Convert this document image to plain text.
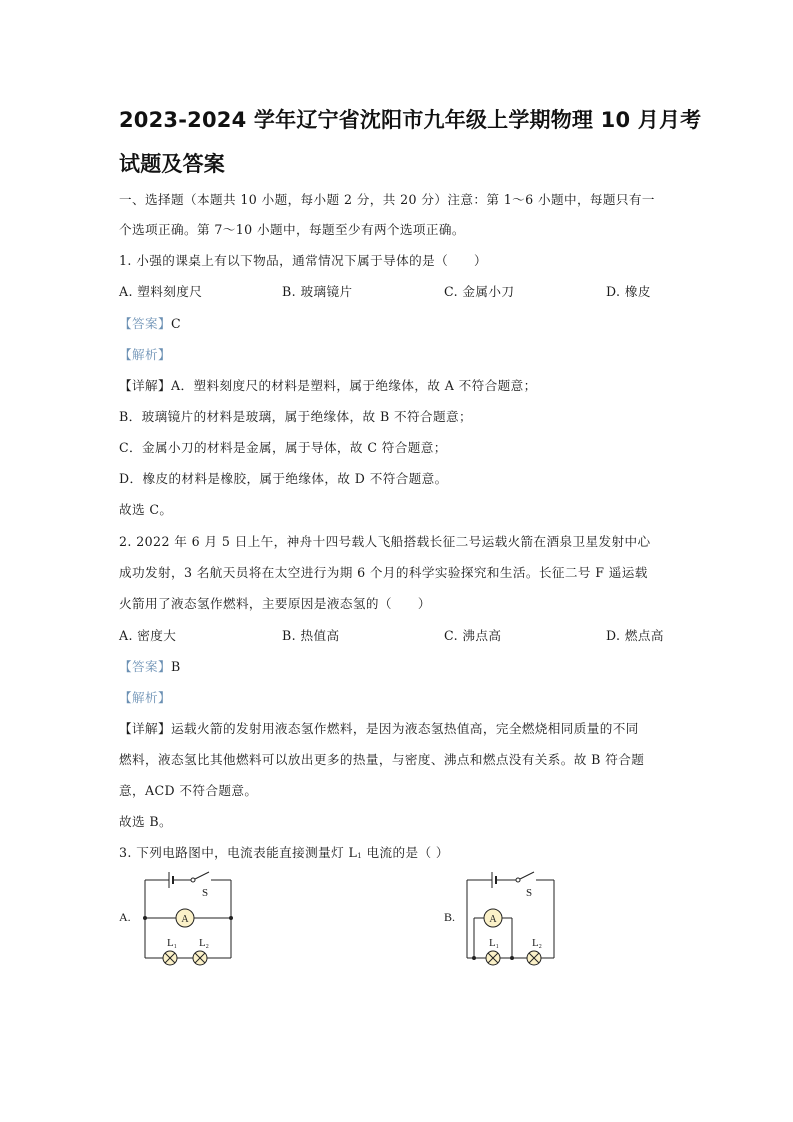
2023-2024 学年辽宁省沈阳市九年级上学期物理 10 月月考
试题及答案
一、选择题（本题共 10 小题，每小题 2 分，共 20 分）注意：第 1～6 小题中，每题只有一
个选项正确。第 7～10 小题中，每题至少有两个选项正确。
1. 小强的课桌上有以下物品，通常情况下属于导体的是（　　）
A. 塑料刻度尺	B. 玻璃镜片	C. 金属小刀	D. 橡皮
【答案】C
【解析】
【详解】A．塑料刻度尺的材料是塑料，属于绝缘体，故 A 不符合题意；
B．玻璃镜片的材料是玻璃，属于绝缘体，故 B 不符合题意；
C．金属小刀的材料是金属，属于导体，故 C 符合题意；
D．橡皮的材料是橡胶，属于绝缘体，故 D 不符合题意。
故选 C。
2. 2022 年 6 月 5 日上午，神舟十四号载人飞船搭载长征二号运载火箭在酒泉卫星发射中心
成功发射，3 名航天员将在太空进行为期 6 个月的科学实验探究和生活。长征二号 F 遥运载
火箭用了液态氢作燃料，主要原因是液态氢的（　　）
A. 密度大	B. 热值高	C. 沸点高	D. 燃点高
【答案】B
【解析】
【详解】运载火箭的发射用液态氢作燃料，是因为液态氢热值高，完全燃烧相同质量的不同
燃料，液态氢比其他燃料可以放出更多的热量，与密度、沸点和燃点没有关系。故 B 符合题
意，ACD 不符合题意。
故选 B。
3. 下列电路图中，电流表能直接测量灯 $L_1$ 电流的是（ ）
A.	A
S
L1 L2
B.	A
S
L1	L2
